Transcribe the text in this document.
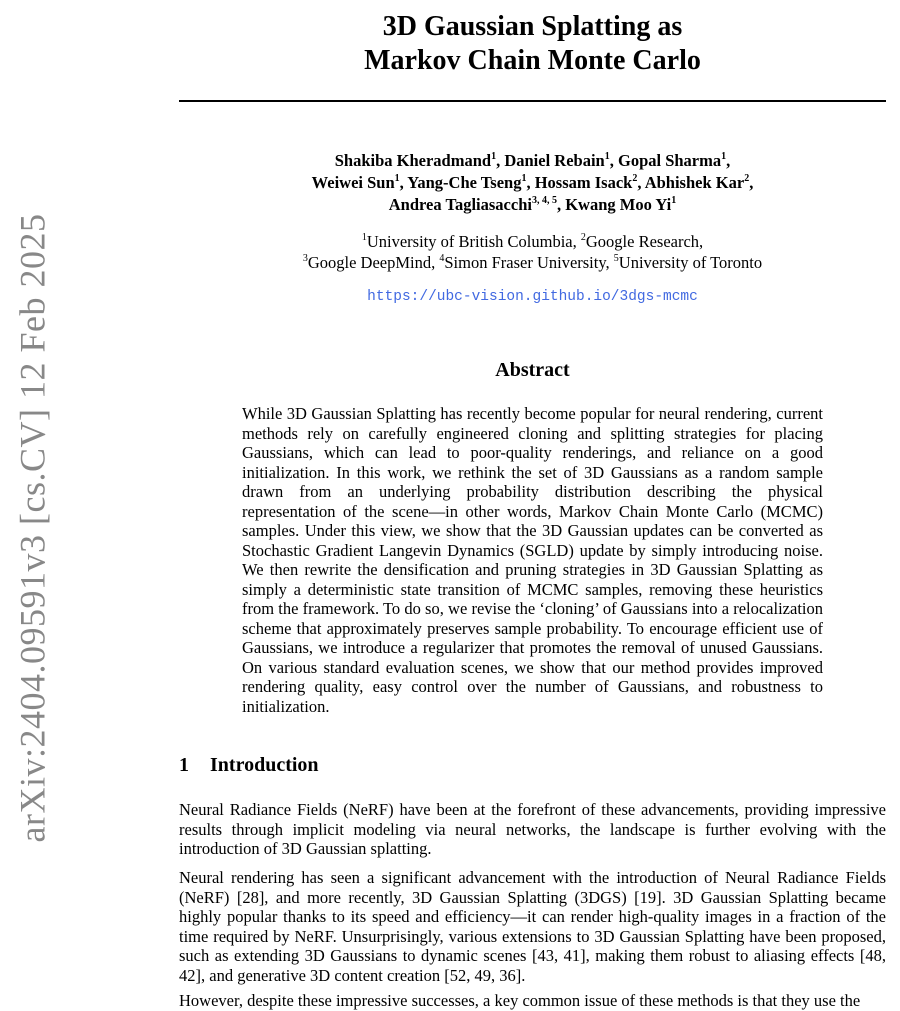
arXiv:2404.09591v3 [cs.CV] 12 Feb 2025
3D Gaussian Splatting as
Markov Chain Monte Carlo
Shakiba Kheradmand$^1$, Daniel Rebain$^1$, Gopal Sharma$^1$,
Weiwei Sun$^1$, Yang-Che Tseng$^1$, Hossam Isack$^2$, Abhishek Kar$^2$,
Andrea Tagliasacchi$^{3, 4, 5}$, Kwang Moo Yi$^1$
$^1$University of British Columbia, $^2$Google Research,
$^3$Google DeepMind, $^4$Simon Fraser University, $^5$University of Toronto
https://ubc-vision.github.io/3dgs-mcmc
Abstract
While 3D Gaussian Splatting has recently become popular for neural rendering, current methods rely on carefully engineered cloning and splitting strategies for placing Gaussians, which can lead to poor-quality renderings, and reliance on a good initialization. In this work, we rethink the set of 3D Gaussians as a random sample drawn from an underlying probability distribution describing the physical representation of the scene—in other words, Markov Chain Monte Carlo (MCMC) samples. Under this view, we show that the 3D Gaussian updates can be converted as Stochastic Gradient Langevin Dynamics (SGLD) update by simply introducing noise. We then rewrite the densification and pruning strategies in 3D Gaussian Splatting as simply a deterministic state transition of MCMC samples, removing these heuristics from the framework. To do so, we revise the ‘cloning’ of Gaussians into a relocalization scheme that approximately preserves sample probability. To encourage efficient use of Gaussians, we introduce a regularizer that promotes the removal of unused Gaussians. On various standard evaluation scenes, we show that our method provides improved rendering quality, easy control over the number of Gaussians, and robustness to initialization.
1 Introduction
Neural Radiance Fields (NeRF) have been at the forefront of these advancements, providing impressive results through implicit modeling via neural networks, the landscape is further evolving with the introduction of 3D Gaussian splatting.
Neural rendering has seen a significant advancement with the introduction of Neural Radiance Fields (NeRF) [28], and more recently, 3D Gaussian Splatting (3DGS) [19]. 3D Gaussian Splatting became highly popular thanks to its speed and efficiency—it can render high-quality images in a fraction of the time required by NeRF. Unsurprisingly, various extensions to 3D Gaussian Splatting have been proposed, such as extending 3D Gaussians to dynamic scenes [43, 41], making them robust to aliasing effects [48, 42], and generative 3D content creation [52, 49, 36].
However, despite these impressive successes, a key common issue of these methods is that they use the
